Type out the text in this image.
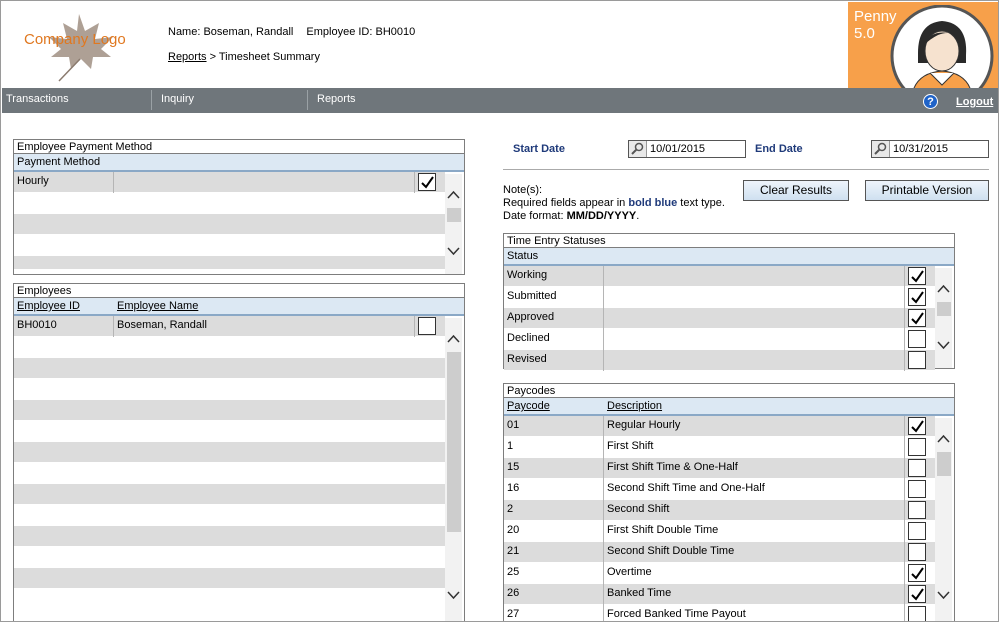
Company Logo	Name: Boseman, Randall Employee ID: BH0010
Reports > Timesheet Summary
Penny
5.0
Transactions	Inquiry	Reports	?	Logout
Employee Payment Method
Payment Method
Hourly
Employees
Employee ID	Employee Name
BH0010	Boseman, Randall
Start Date	10/01/2015	End Date	10/31/2015
Clear Results	Printable Version
Note(s):
Required fields appear in bold blue text type.
Date format: MM/DD/YYYY.
Time Entry Statuses
Status
Working
Submitted
Approved
Declined
Revised
Paycodes
Paycode	Description
01	Regular Hourly
1	First Shift
15	First Shift Time & One-Half
16	Second Shift Time and One-Half
2	Second Shift
20	First Shift Double Time
21	Second Shift Double Time
25	Overtime
26	Banked Time
27	Forced Banked Time Payout
